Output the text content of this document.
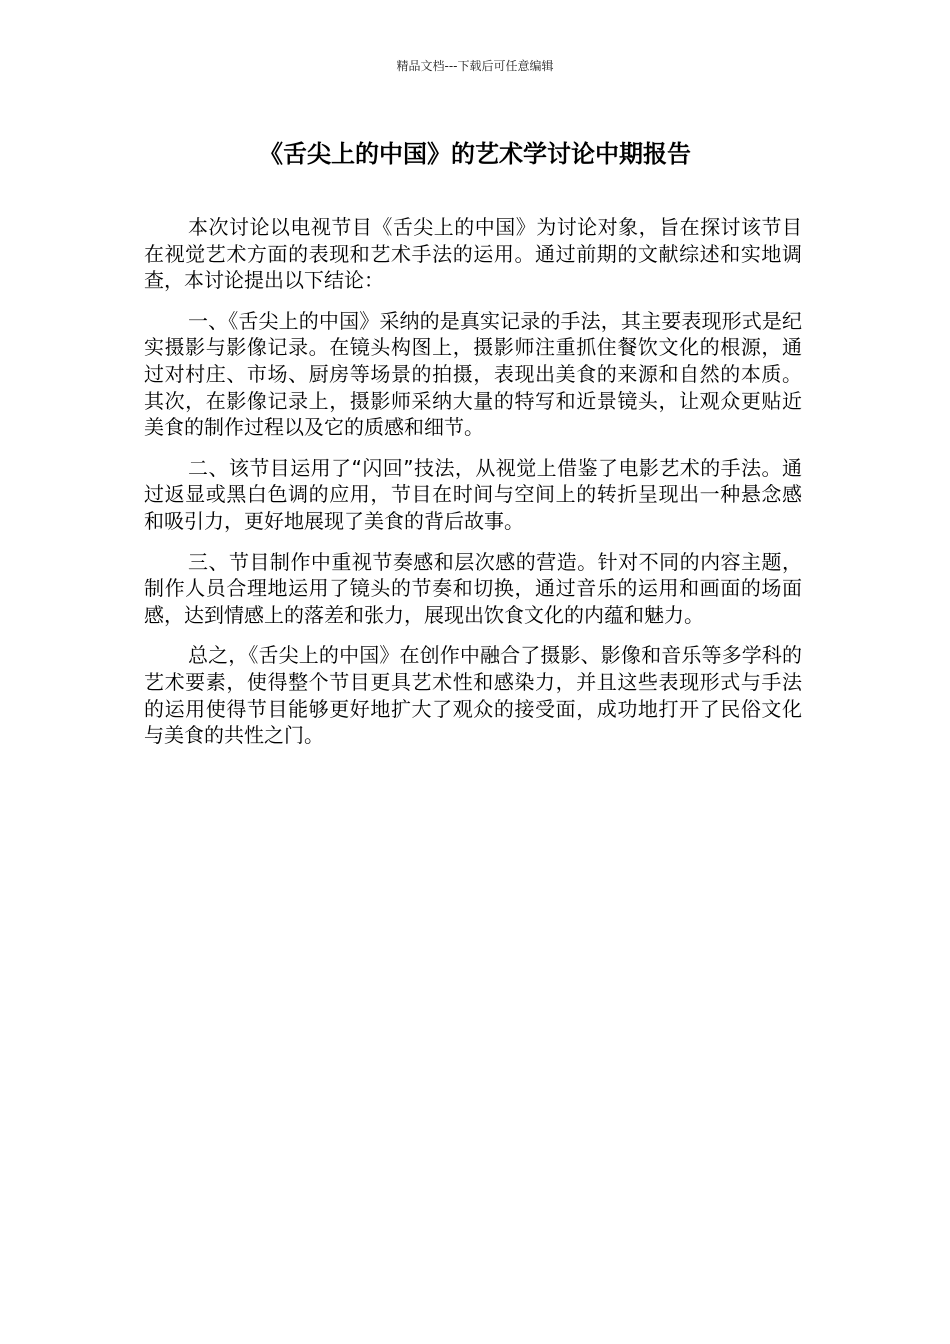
精品文档---下载后可任意编辑
《舌尖上的中国》的艺术学讨论中期报告

本次讨论以电视节目《舌尖上的中国》为讨论对象，旨在探讨该节目在视觉艺术方面的表现和艺术手法的运用。通过前期的文献综述和实地调查，本讨论提出以下结论：

一、《舌尖上的中国》采纳的是真实记录的手法，其主要表现形式是纪实摄影与影像记录。在镜头构图上，摄影师注重抓住餐饮文化的根源，通过对村庄、市场、厨房等场景的拍摄，表现出美食的来源和自然的本质。其次，在影像记录上，摄影师采纳大量的特写和近景镜头，让观众更贴近美食的制作过程以及它的质感和细节。

二、该节目运用了“闪回”技法，从视觉上借鉴了电影艺术的手法。通过返显或黑白色调的应用，节目在时间与空间上的转折呈现出一种悬念感和吸引力，更好地展现了美食的背后故事。

三、节目制作中重视节奏感和层次感的营造。针对不同的内容主题，制作人员合理地运用了镜头的节奏和切换，通过音乐的运用和画面的场面感，达到情感上的落差和张力，展现出饮食文化的内蕴和魅力。

总之，《舌尖上的中国》在创作中融合了摄影、影像和音乐等多学科的艺术要素，使得整个节目更具艺术性和感染力，并且这些表现形式与手法的运用使得节目能够更好地扩大了观众的接受面，成功地打开了民俗文化与美食的共性之门。
